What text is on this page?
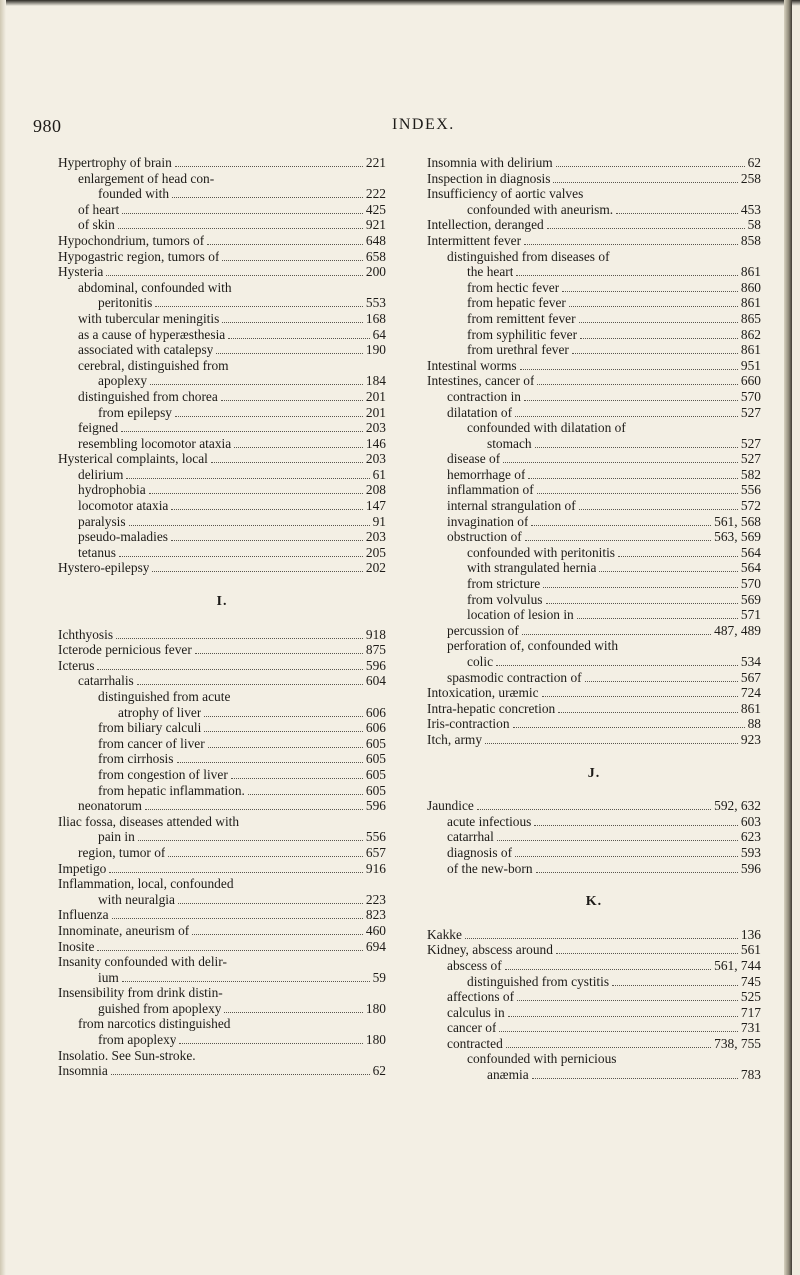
980	INDEX.
Hypertrophy of brain	221
enlargement of head con-
founded with	222
of heart	425
of skin	921
Hypochondrium, tumors of	648
Hypogastric region, tumors of	658
Hysteria	200
abdominal, confounded with
peritonitis	553
with tubercular meningitis	168
as a cause of hyperæsthesia	64
associated with catalepsy	190
cerebral, distinguished from
apoplexy	184
distinguished from chorea	201
from epilepsy	201
feigned	203
resembling locomotor ataxia	146
Hysterical complaints, local	203
delirium	61
hydrophobia	208
locomotor ataxia	147
paralysis	91
pseudo-maladies	203
tetanus	205
Hystero-epilepsy	202
I.
Ichthyosis	918
Icterode pernicious fever	875
Icterus	596
catarrhalis	604
distinguished from acute
atrophy of liver	606
from biliary calculi	606
from cancer of liver	605
from cirrhosis	605
from congestion of liver	605
from hepatic inflammation.	605
neonatorum	596
Iliac fossa, diseases attended with
pain in	556
region, tumor of	657
Impetigo	916
Inflammation, local, confounded
with neuralgia	223
Influenza	823
Innominate, aneurism of	460
Inosite	694
Insanity confounded with delir-
ium	59
Insensibility from drink distin-
guished from apoplexy	180
from narcotics distinguished
from apoplexy	180
Insolatio. See Sun-stroke.
Insomnia	62
Insomnia with delirium	62
Inspection in diagnosis	258
Insufficiency of aortic valves
confounded with aneurism.	453
Intellection, deranged	58
Intermittent fever	858
distinguished from diseases of
the heart	861
from hectic fever	860
from hepatic fever	861
from remittent fever	865
from syphilitic fever	862
from urethral fever	861
Intestinal worms	951
Intestines, cancer of	660
contraction in	570
dilatation of	527
confounded with dilatation of
stomach	527
disease of	527
hemorrhage of	582
inflammation of	556
internal strangulation of	572
invagination of	561, 568
obstruction of	563, 569
confounded with peritonitis	564
with strangulated hernia	564
from stricture	570
from volvulus	569
location of lesion in	571
percussion of	487, 489
perforation of, confounded with
colic	534
spasmodic contraction of	567
Intoxication, uræmic	724
Intra-hepatic concretion	861
Iris-contraction	88
Itch, army	923
J.
Jaundice	592, 632
acute infectious	603
catarrhal	623
diagnosis of	593
of the new-born	596
K.
Kakke	136
Kidney, abscess around	561
abscess of	561, 744
distinguished from cystitis	745
affections of	525
calculus in	717
cancer of	731
contracted	738, 755
confounded with pernicious
anæmia	783
